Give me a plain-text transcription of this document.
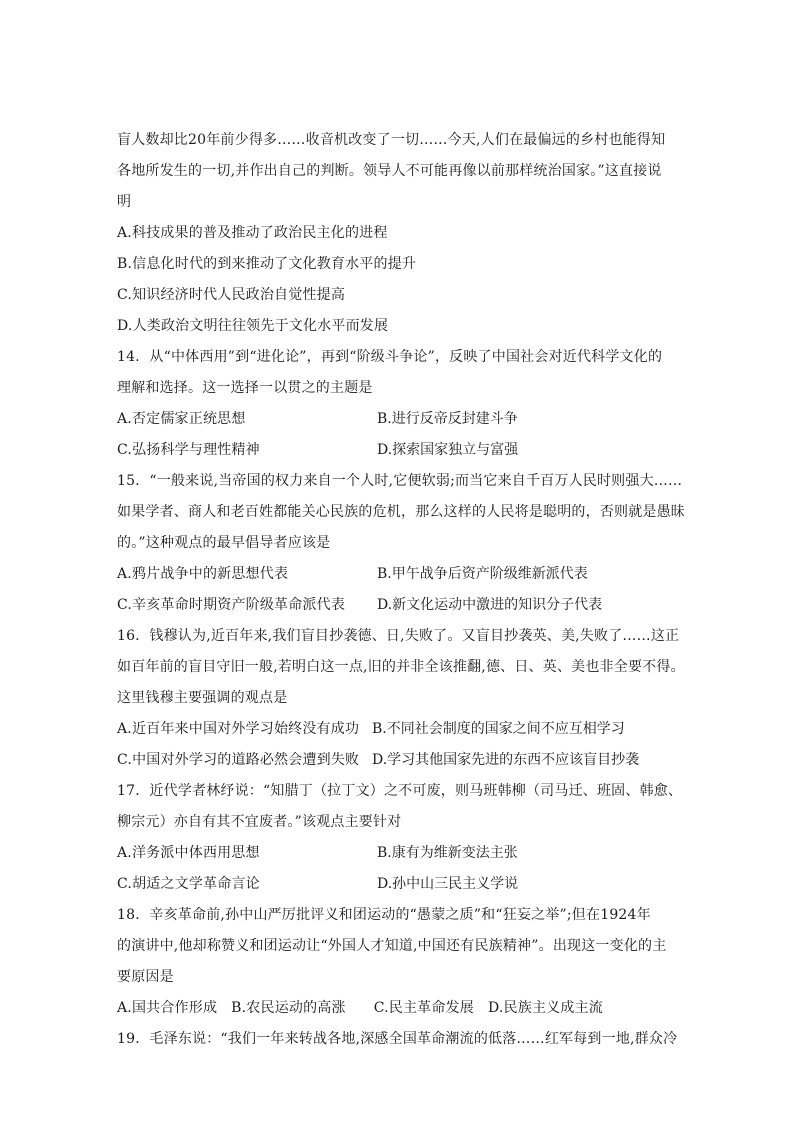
盲人数却比20年前少得多……收音机改变了一切……今天,人们在最偏远的乡村也能得知
各地所发生的一切,并作出自己的判断。领导人不可能再像以前那样统治国家。”这直接说
明
A.科技成果的普及推动了政治民主化的进程
B.信息化时代的到来推动了文化教育水平的提升
C.知识经济时代人民政治自觉性提高
D.人类政治文明往往领先于文化水平而发展
14．从“中体西用”到“进化论”，再到“阶级斗争论”，反映了中国社会对近代科学文化的
理解和选择。这一选择一以贯之的主题是
A.否定儒家正统思想	B.进行反帝反封建斗争
C.弘扬科学与理性精神	D.探索国家独立与富强
15．“一般来说,当帝国的权力来自一个人时,它便软弱;而当它来自千百万人民时则强大……
如果学者、商人和老百姓都能关心民族的危机，那么这样的人民将是聪明的，否则就是愚昧
的。”这种观点的最早倡导者应该是
A.鸦片战争中的新思想代表	B.甲午战争后资产阶级维新派代表
C.辛亥革命时期资产阶级革命派代表 D.新文化运动中激进的知识分子代表
16．钱穆认为,近百年来,我们盲目抄袭德、日,失败了。又盲目抄袭英、美,失败了……这正
如百年前的盲目守旧一般,若明白这一点,旧的并非全该推翻,德、日、英、美也非全要不得。
这里钱穆主要强调的观点是
A.近百年来中国对外学习始终没有成功 B.不同社会制度的国家之间不应互相学习
C.中国对外学习的道路必然会遭到失败 D.学习其他国家先进的东西不应该盲目抄袭
17．近代学者林纾说：“知腊丁（拉丁文）之不可废，则马班韩柳（司马迁、班固、韩愈、
柳宗元）亦自有其不宜废者。”该观点主要针对
A.洋务派中体西用思想	B.康有为维新变法主张
C.胡适之文学革命言论	D.孙中山三民主义学说
18．辛亥革命前,孙中山严厉批评义和团运动的“愚蒙之质”和“狂妄之举”;但在1924年
的演讲中,他却称赞义和团运动让“外国人才知道,中国还有民族精神”。出现这一变化的主
要原因是
A.国共合作形成 B.农民运动的高涨 C.民主革命发展 D.民族主义成主流
19．毛泽东说：“我们一年来转战各地,深感全国革命潮流的低落……红军每到一地,群众冷
